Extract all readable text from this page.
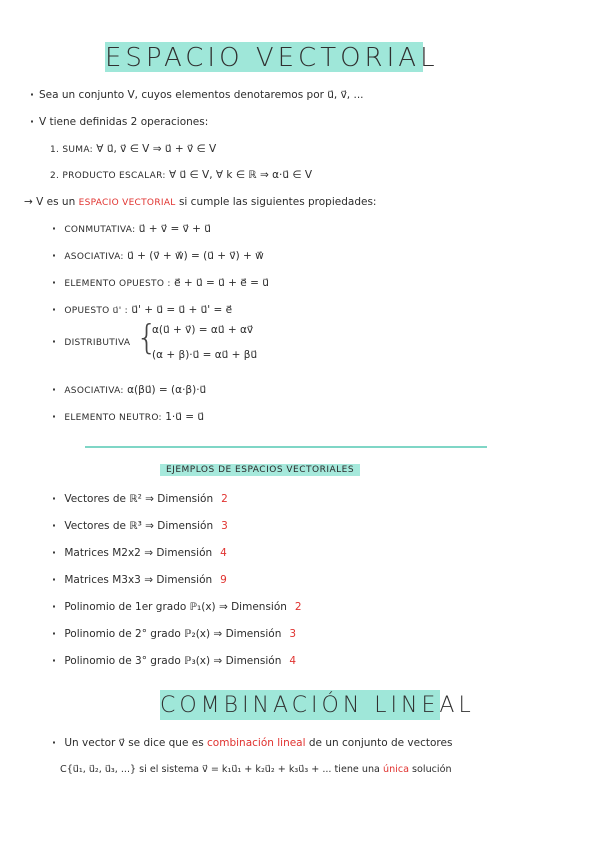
ESPACIO VECTORIAL
· Sea un conjunto V, cuyos elementos denotaremos por u⃗, v⃗, ...
· V tiene definidas 2 operaciones:
1. SUMA: ∀ u⃗, v⃗ ∈ V ⇒ u⃗ + v⃗ ∈ V
2. PRODUCTO ESCALAR: ∀ u⃗ ∈ V, ∀ k ∈ ℝ ⇒ α·u⃗ ∈ V
→ V es un ESPACIO VECTORIAL si cumple las siguientes propiedades:
· CONMUTATIVA: u⃗ + v⃗ = v⃗ + u⃗
· ASOCIATIVA: u⃗ + (v⃗ + w⃗) = (u⃗ + v⃗) + w⃗
· ELEMENTO OPUESTO : e⃗ + u⃗ = u⃗ + e⃗ = u⃗
· OPUESTO u⃗' : u⃗' + u⃗ = u⃗ + u⃗' = e⃗
· DISTRIBUTIVA {
α(u⃗ + v⃗) = αu⃗ + αv⃗
(α + β)·u⃗ = αu⃗ + βu⃗
· ASOCIATIVA: α(βu⃗) = (α·β)·u⃗
· ELEMENTO NEUTRO: 1·u⃗ = u⃗
EJEMPLOS DE ESPACIOS VECTORIALES
· Vectores de ℝ² ⇒ Dimensión 2
· Vectores de ℝ³ ⇒ Dimensión 3
· Matrices M2x2 ⇒ Dimensión 4
· Matrices M3x3 ⇒ Dimensión 9
· Polinomio de 1er grado ℙ₁(x) ⇒ Dimensión 2
· Polinomio de 2° grado ℙ₂(x) ⇒ Dimensión 3
· Polinomio de 3° grado ℙ₃(x) ⇒ Dimensión 4
COMBINACIÓN LINEAL
· Un vector v⃗ se dice que es combinación lineal de un conjunto de vectores
C{u⃗₁, u⃗₂, u⃗₃, ...} si el sistema v⃗ = k₁u⃗₁ + k₂u⃗₂ + k₃u⃗₃ + ... tiene una única solución
